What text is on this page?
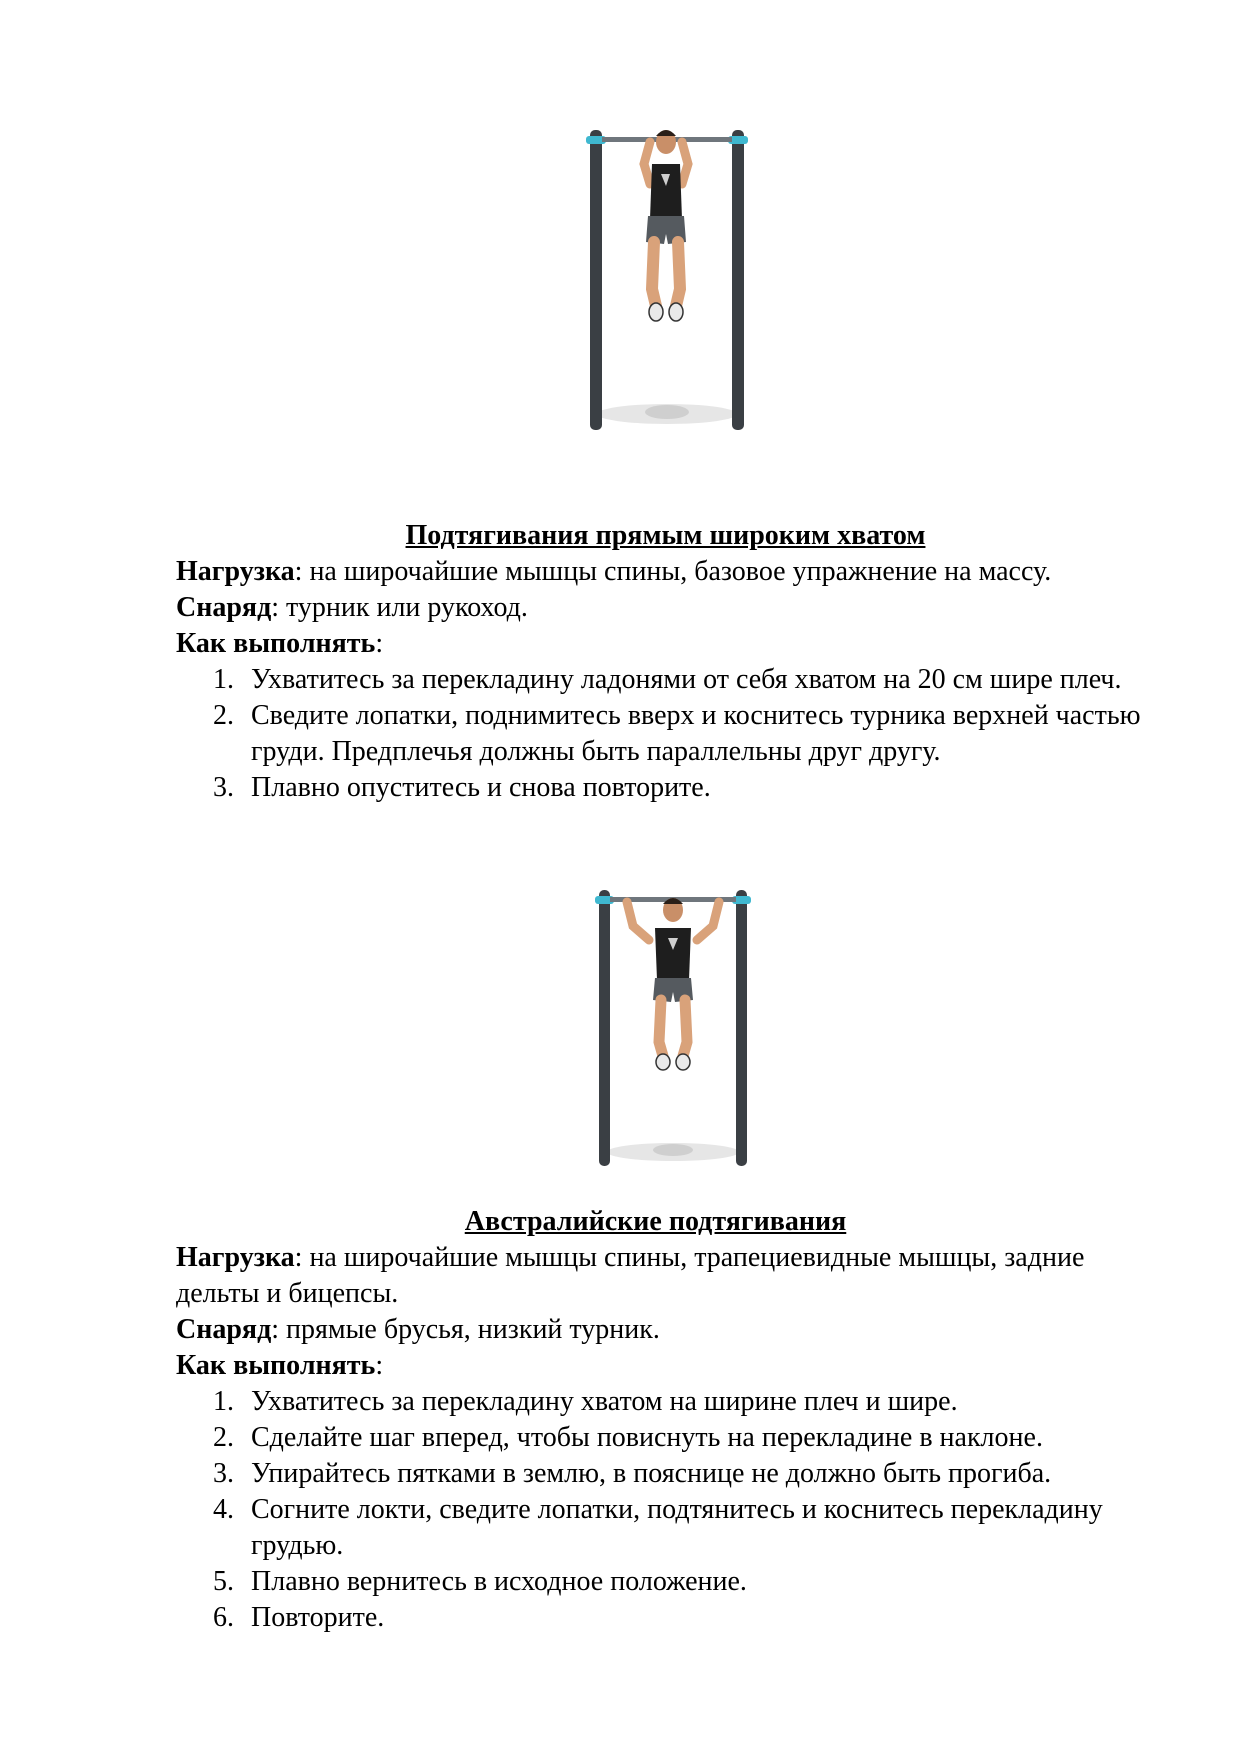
Подтягивания прямым широким хватом

Нагрузка: на широчайшие мышцы спины, базовое упражнение на массу.

Снаряд: турник или рукоход.

Как выполнять:

1. Ухватитесь за перекладину ладонями от себя хватом на 20 см шире плеч.
2. Сведите лопатки, поднимитесь вверх и коснитесь турника верхней частью груди. Предплечья должны быть параллельны друг другу.
3. Плавно опуститесь и снова повторите.

Австралийские подтягивания

Нагрузка: на широчайшие мышцы спины, трапециевидные мышцы, задние дельты и бицепсы.

Снаряд: прямые брусья, низкий турник.

Как выполнять:

1. Ухватитесь за перекладину хватом на ширине плеч и шире.
2. Сделайте шаг вперед, чтобы повиснуть на перекладине в наклоне.
3. Упирайтесь пятками в землю, в пояснице не должно быть прогиба.
4. Согните локти, сведите лопатки, подтянитесь и коснитесь перекладину грудью.
5. Плавно вернитесь в исходное положение.
6. Повторите.
